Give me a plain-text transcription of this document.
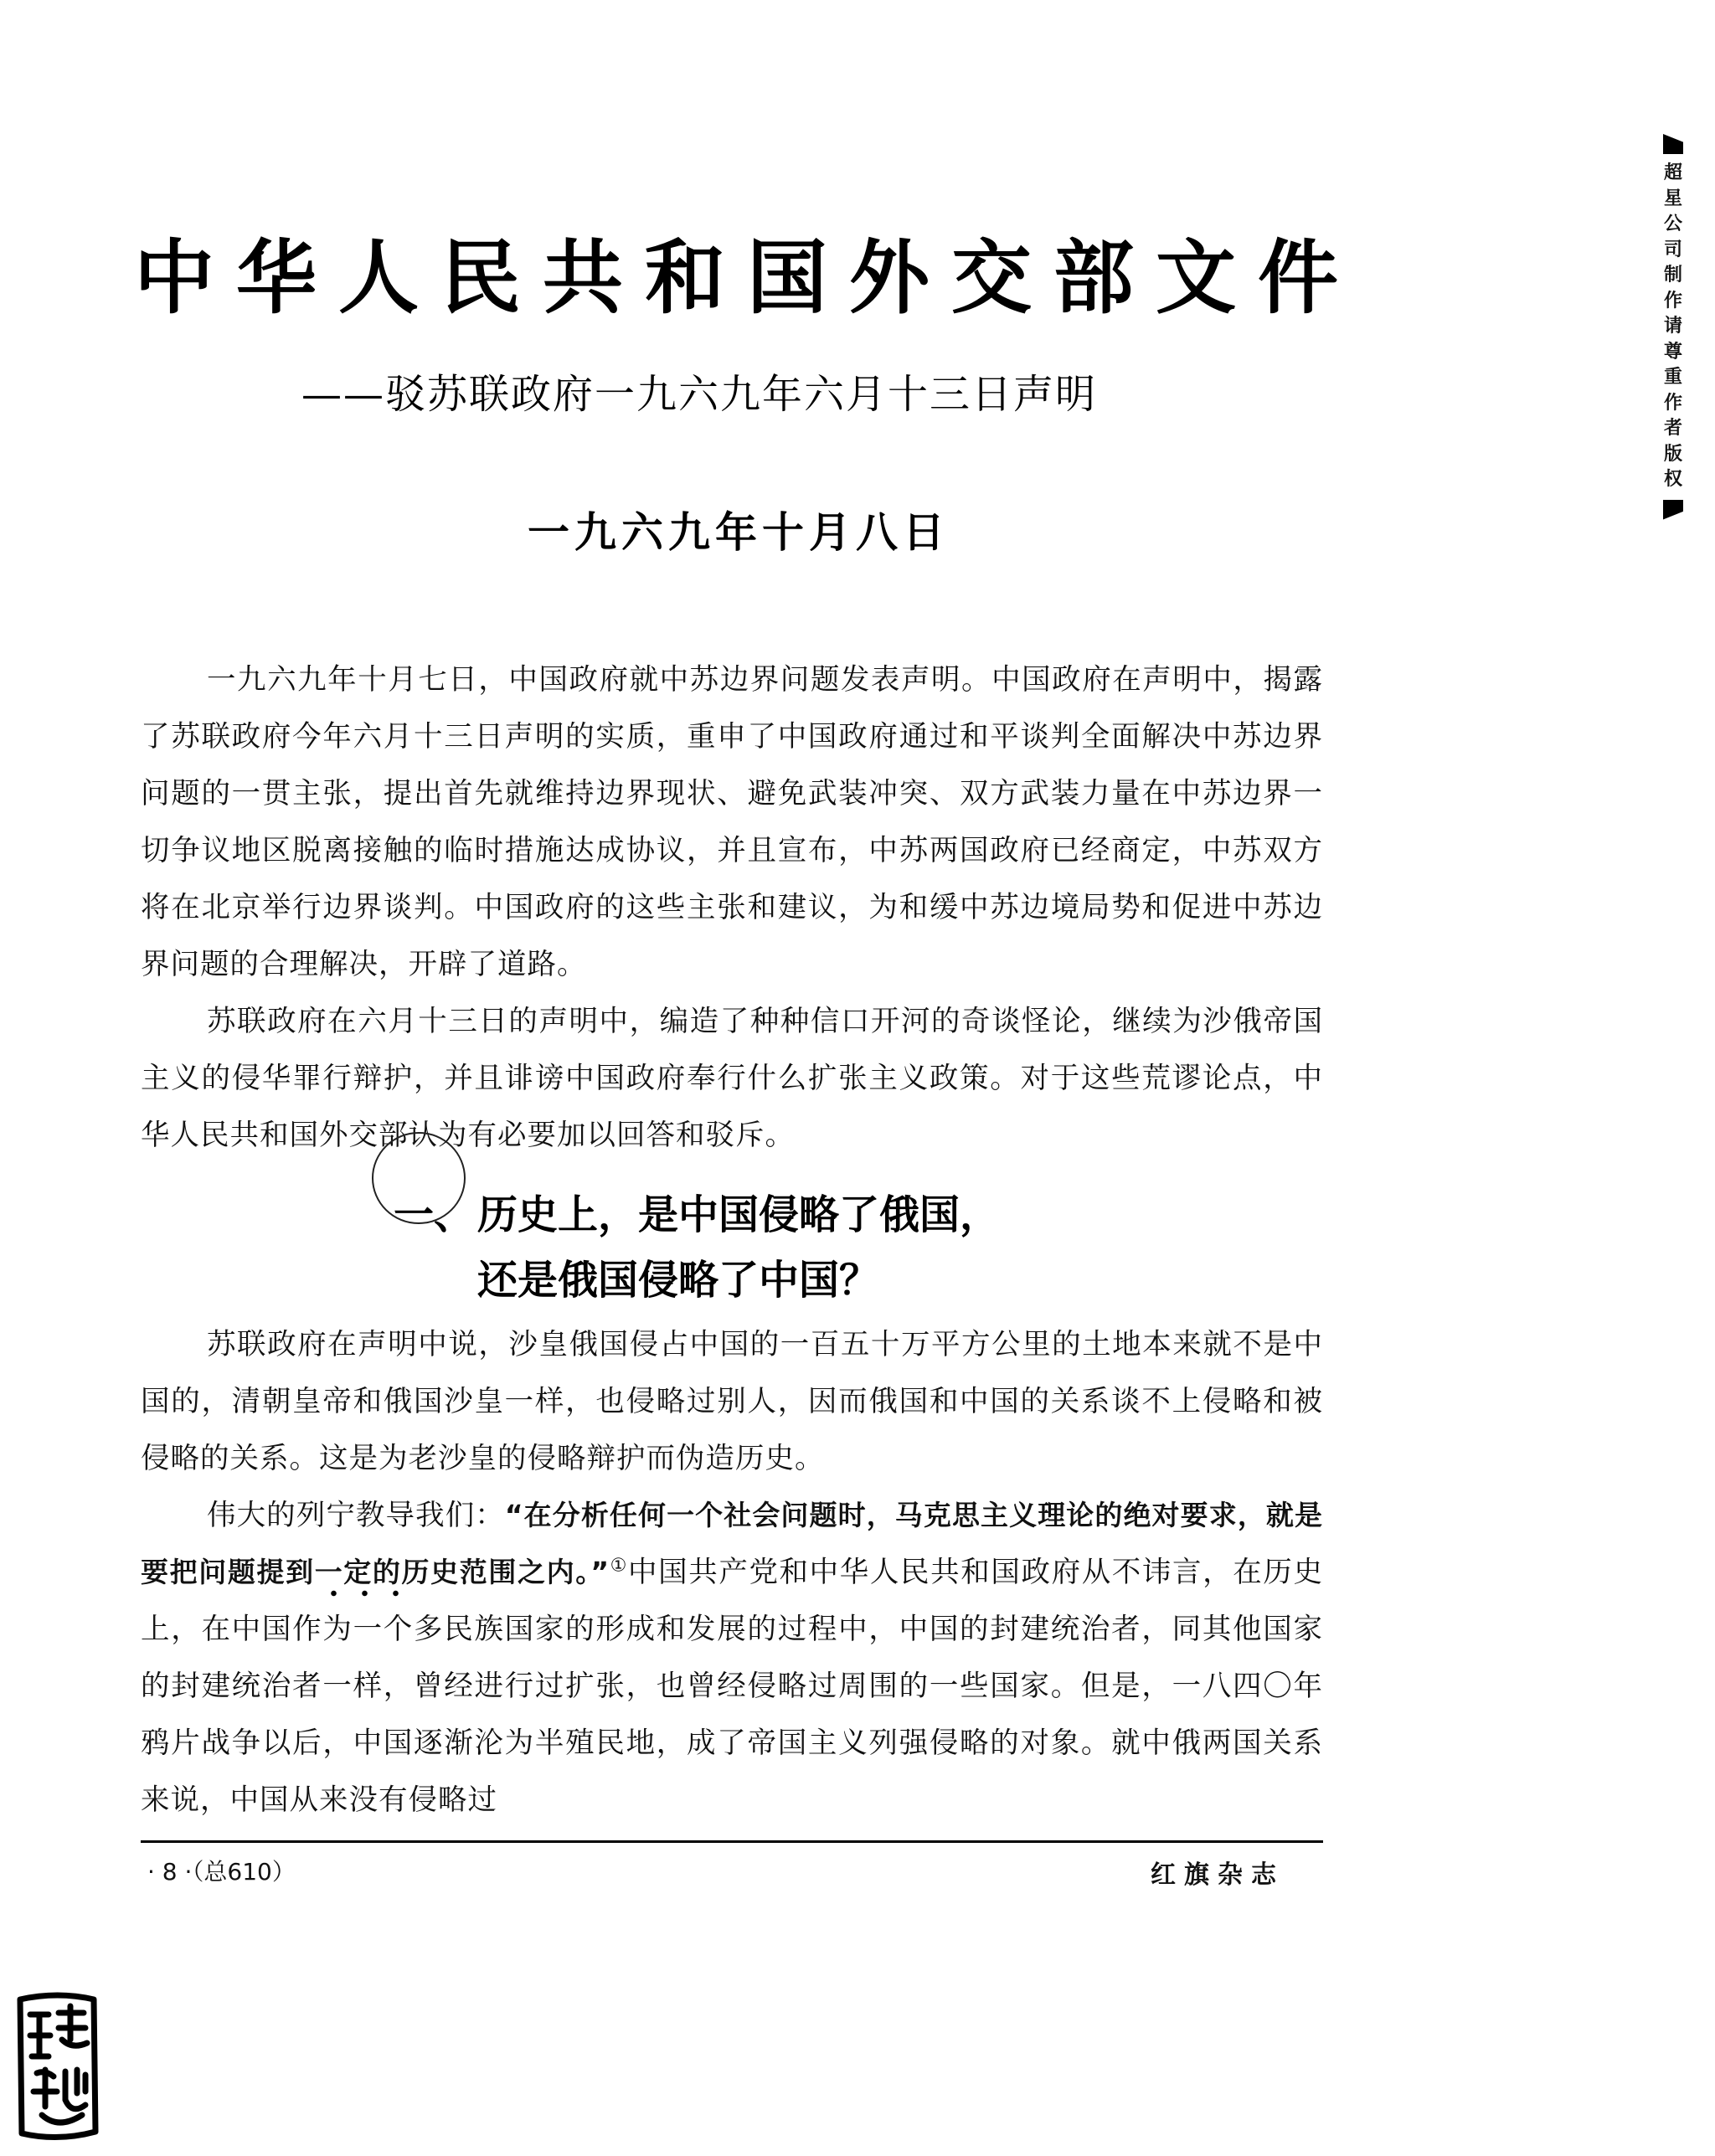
超星公司制作请尊重作者版权
中华人民共和国外交部文件
——驳苏联政府一九六九年六月十三日声明
一九六九年十月八日

一九六九年十月七日，中国政府就中苏边界问题发表声明。中国政府在声明中，揭露了苏联政府今年六月十三日声明的实质，重申了中国政府通过和平谈判全面解决中苏边界问题的一贯主张，提出首先就维持边界现状、避免武装冲突、双方武装力量在中苏边界一切争议地区脱离接触的临时措施达成协议，并且宣布，中苏两国政府已经商定，中苏双方将在北京举行边界谈判。中国政府的这些主张和建议，为和缓中苏边境局势和促进中苏边界问题的合理解决，开辟了道路。

苏联政府在六月十三日的声明中，编造了种种信口开河的奇谈怪论，继续为沙俄帝国主义的侵华罪行辩护，并且诽谤中国政府奉行什么扩张主义政策。对于这些荒谬论点，中华人民共和国外交部认为有必要加以回答和驳斥。

一、历史上，是中国侵略了俄国，
还是俄国侵略了中国？

苏联政府在声明中说，沙皇俄国侵占中国的一百五十万平方公里的土地本来就不是中国的，清朝皇帝和俄国沙皇一样，也侵略过别人，因而俄国和中国的关系谈不上侵略和被侵略的关系。这是为老沙皇的侵略辩护而伪造历史。

伟大的列宁教导我们：“在分析任何一个社会问题时，马克思主义理论的绝对要求，就是要把问题提到一定的历史范围之内。”①中国共产党和中华人民共和国政府从不讳言，在历史上，在中国作为一个多民族国家的形成和发展的过程中，中国的封建统治者，同其他国家的封建统治者一样，曾经进行过扩张，也曾经侵略过周围的一些国家。但是，一八四〇年鸦片战争以后，中国逐渐沦为半殖民地，成了帝国主义列强侵略的对象。就中俄两国关系来说，中国从来没有侵略过

· 8 ·（总610）	红旗杂志
